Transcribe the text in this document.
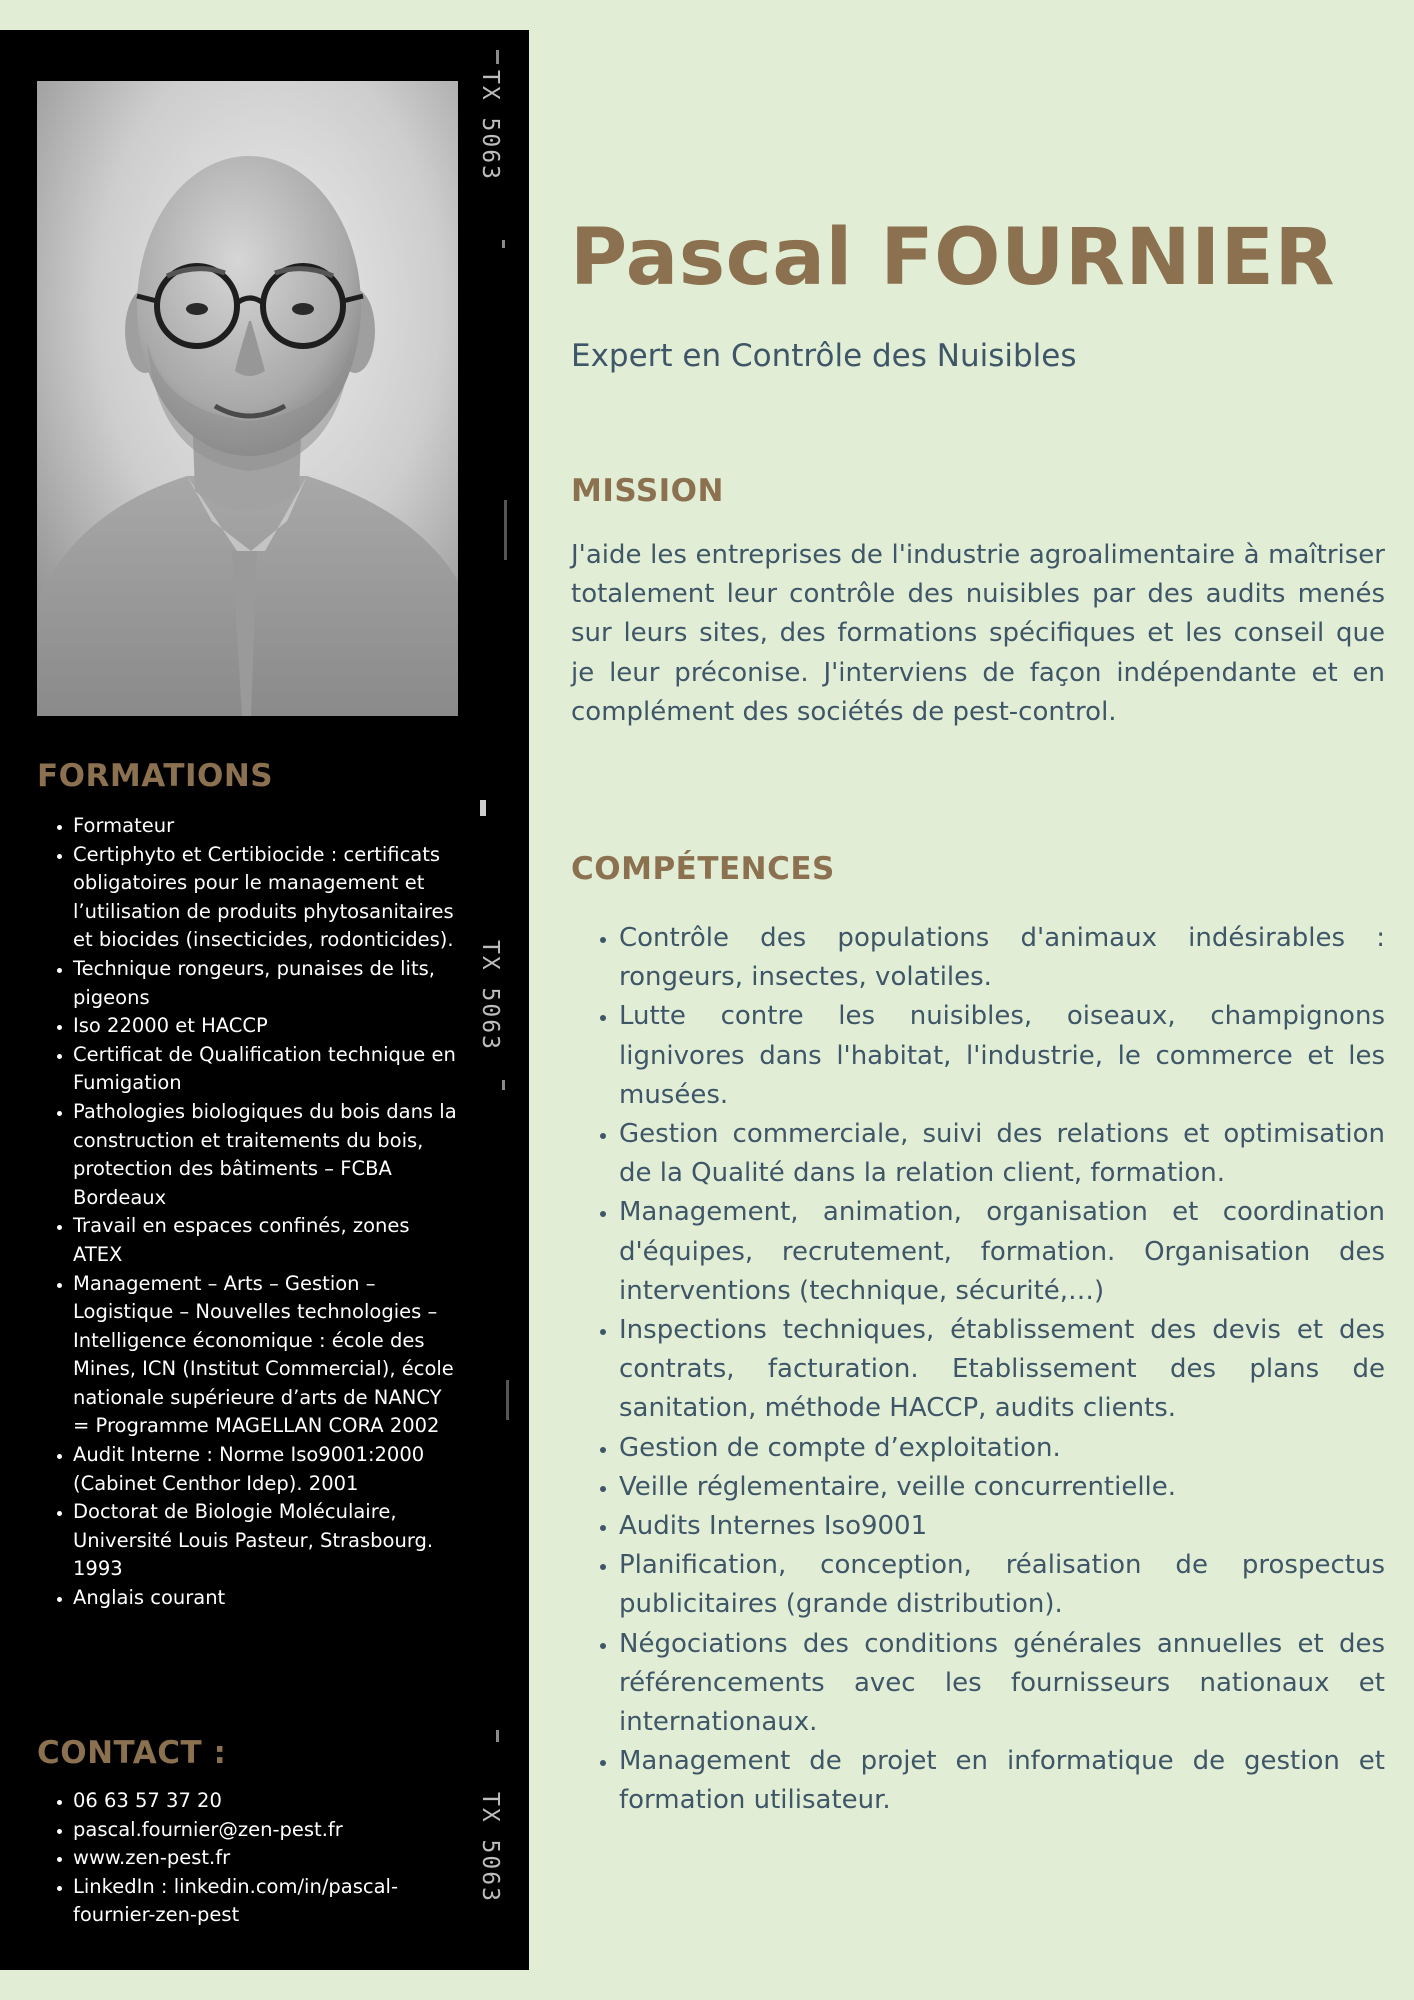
TX 5063
TX 5063
TX 5063
FORMATIONS
• Formateur
• Certiphyto et Certibiocide : certificats obligatoires pour le management et l’utilisation de produits phytosanitaires et biocides (insecticides, rodonticides).
• Technique rongeurs, punaises de lits, pigeons
• Iso 22000 et HACCP
• Certificat de Qualification technique en Fumigation
• Pathologies biologiques du bois dans la construction et traitements du bois, protection des bâtiments – FCBA Bordeaux
• Travail en espaces confinés, zones ATEX
• Management – Arts – Gestion – Logistique – Nouvelles technologies – Intelligence économique : école des Mines, ICN (Institut Commercial), école nationale supérieure d’arts de NANCY = Programme MAGELLAN CORA 2002
• Audit Interne : Norme Iso9001:2000 (Cabinet Centhor Idep). 2001
• Doctorat de Biologie Moléculaire, Université Louis Pasteur, Strasbourg. 1993
• Anglais courant
CONTACT :
• 06 63 57 37 20
• pascal.fournier@zen-pest.fr
• www.zen-pest.fr
• LinkedIn : linkedin.com/in/pascal-fournier-zen-pest
Pascal FOURNIER

Expert en Contrôle des Nuisibles

MISSION

J'aide les entreprises de l'industrie agroalimentaire à maîtriser totalement leur contrôle des nuisibles par des audits menés sur leurs sites, des formations spécifiques et les conseil que je leur préconise. J'interviens de façon indépendante et en complément des sociétés de pest-control.

COMPÉTENCES
• Contrôle des populations d'animaux indésirables : rongeurs, insectes, volatiles.
• Lutte contre les nuisibles, oiseaux, champignons lignivores dans l'habitat, l'industrie, le commerce et les musées.
• Gestion commerciale, suivi des relations et optimisation de la Qualité dans la relation client, formation.
• Management, animation, organisation et coordination d'équipes, recrutement, formation. Organisation des interventions (technique, sécurité,…)
• Inspections techniques, établissement des devis et des contrats, facturation. Etablissement des plans de sanitation, méthode HACCP, audits clients.
• Gestion de compte d’exploitation.
• Veille réglementaire, veille concurrentielle.
• Audits Internes Iso9001
• Planification, conception, réalisation de prospectus publicitaires (grande distribution).
• Négociations des conditions générales annuelles et des référencements avec les fournisseurs nationaux et internationaux.
• Management de projet en informatique de gestion et formation utilisateur.
